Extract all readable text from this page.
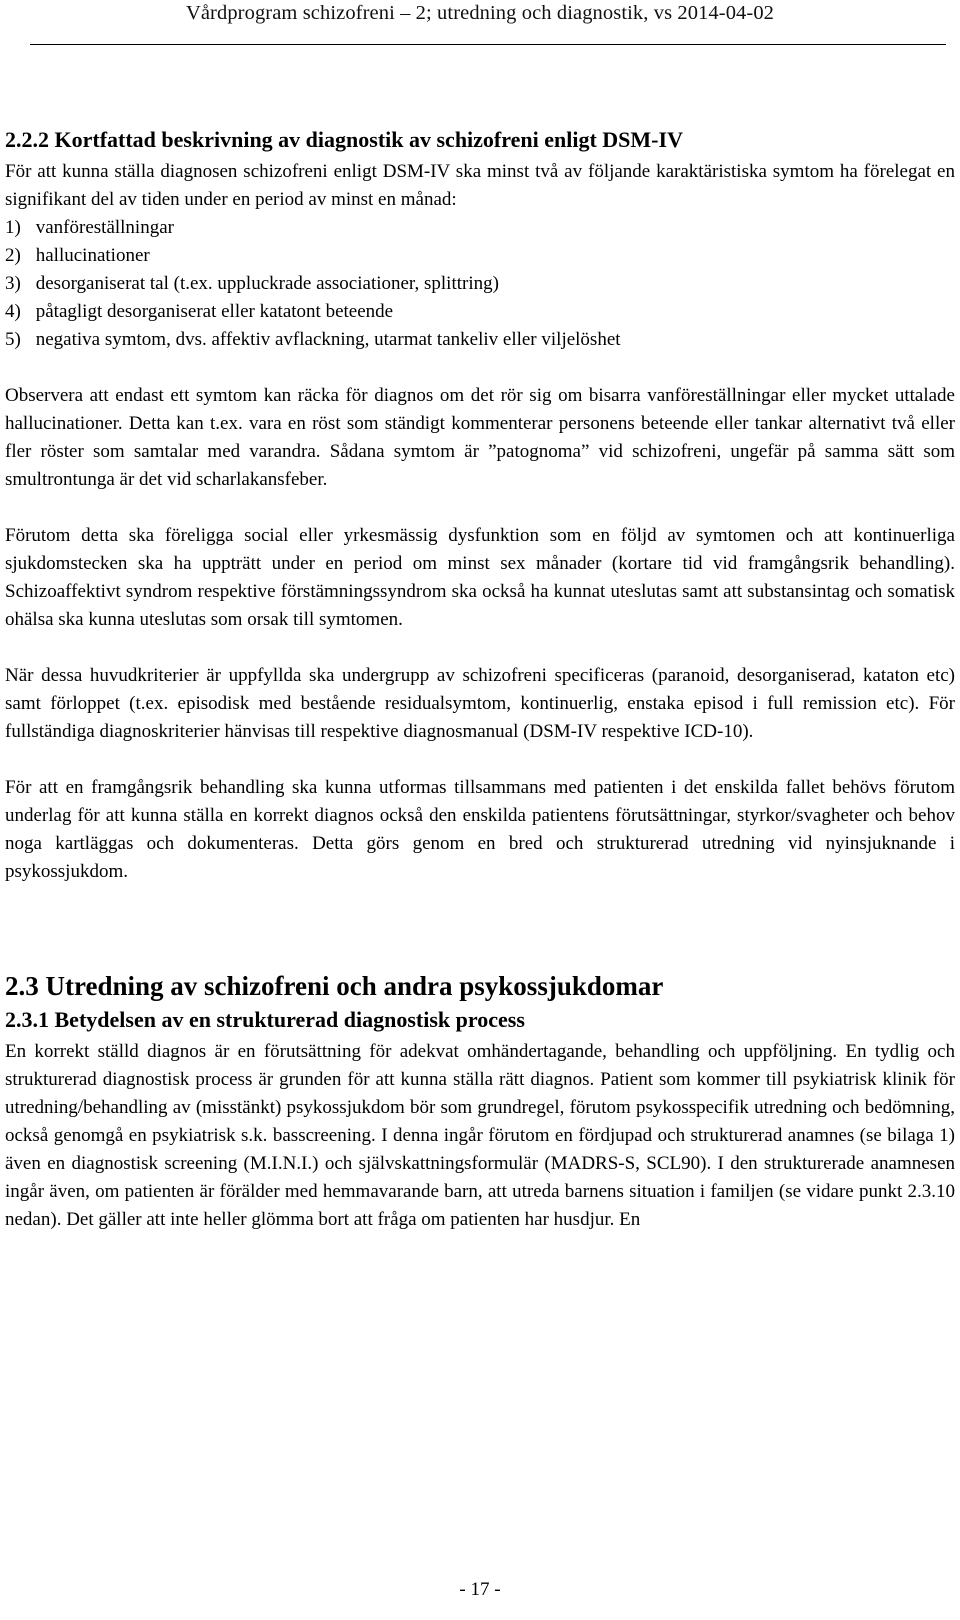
Vårdprogram schizofreni – 2; utredning och diagnostik, vs 2014-04-02
2.2.2 Kortfattad beskrivning av diagnostik av schizofreni enligt DSM-IV

För att kunna ställa diagnosen schizofreni enligt DSM-IV ska minst två av följande karaktäristiska symtom ha förelegat en signifikant del av tiden under en period av minst en månad:

1) vanföreställningar
2) hallucinationer
3) desorganiserat tal (t.ex. uppluckrade associationer, splittring)
4) påtagligt desorganiserat eller katatont beteende
5) negativa symtom, dvs. affektiv avflackning, utarmat tankeliv eller viljelöshet

Observera att endast ett symtom kan räcka för diagnos om det rör sig om bisarra vanföreställningar eller mycket uttalade hallucinationer. Detta kan t.ex. vara en röst som ständigt kommenterar personens beteende eller tankar alternativt två eller fler röster som samtalar med varandra. Sådana symtom är ”patognoma” vid schizofreni, ungefär på samma sätt som smultrontunga är det vid scharlakansfeber.

Förutom detta ska föreligga social eller yrkesmässig dysfunktion som en följd av symtomen och att kontinuerliga sjukdomstecken ska ha uppträtt under en period om minst sex månader (kortare tid vid framgångsrik behandling). Schizoaffektivt syndrom respektive förstämningssyndrom ska också ha kunnat uteslutas samt att substansintag och somatisk ohälsa ska kunna uteslutas som orsak till symtomen.

När dessa huvudkriterier är uppfyllda ska undergrupp av schizofreni specificeras (paranoid, desorganiserad, kataton etc) samt förloppet (t.ex. episodisk med bestående residualsymtom, kontinuerlig, enstaka episod i full remission etc). För fullständiga diagnoskriterier hänvisas till respektive diagnosmanual (DSM-IV respektive ICD-10).

För att en framgångsrik behandling ska kunna utformas tillsammans med patienten i det enskilda fallet behövs förutom underlag för att kunna ställa en korrekt diagnos också den enskilda patientens förutsättningar, styrkor/svagheter och behov noga kartläggas och dokumenteras. Detta görs genom en bred och strukturerad utredning vid nyinsjuknande i psykossjukdom.

2.3 Utredning av schizofreni och andra psykossjukdomar
2.3.1 Betydelsen av en strukturerad diagnostisk process

En korrekt ställd diagnos är en förutsättning för adekvat omhändertagande, behandling och uppföljning. En tydlig och strukturerad diagnostisk process är grunden för att kunna ställa rätt diagnos. Patient som kommer till psykiatrisk klinik för utredning/behandling av (misstänkt) psykossjukdom bör som grundregel, förutom psykosspecifik utredning och bedömning, också genomgå en psykiatrisk s.k. basscreening. I denna ingår förutom en fördjupad och strukturerad anamnes (se bilaga 1) även en diagnostisk screening (M.I.N.I.) och självskattningsformulär (MADRS-S, SCL90). I den strukturerade anamnesen ingår även, om patienten är förälder med hemmavarande barn, att utreda barnens situation i familjen (se vidare punkt 2.3.10 nedan). Det gäller att inte heller glömma bort att fråga om patienten har husdjur. En

- 17 -
